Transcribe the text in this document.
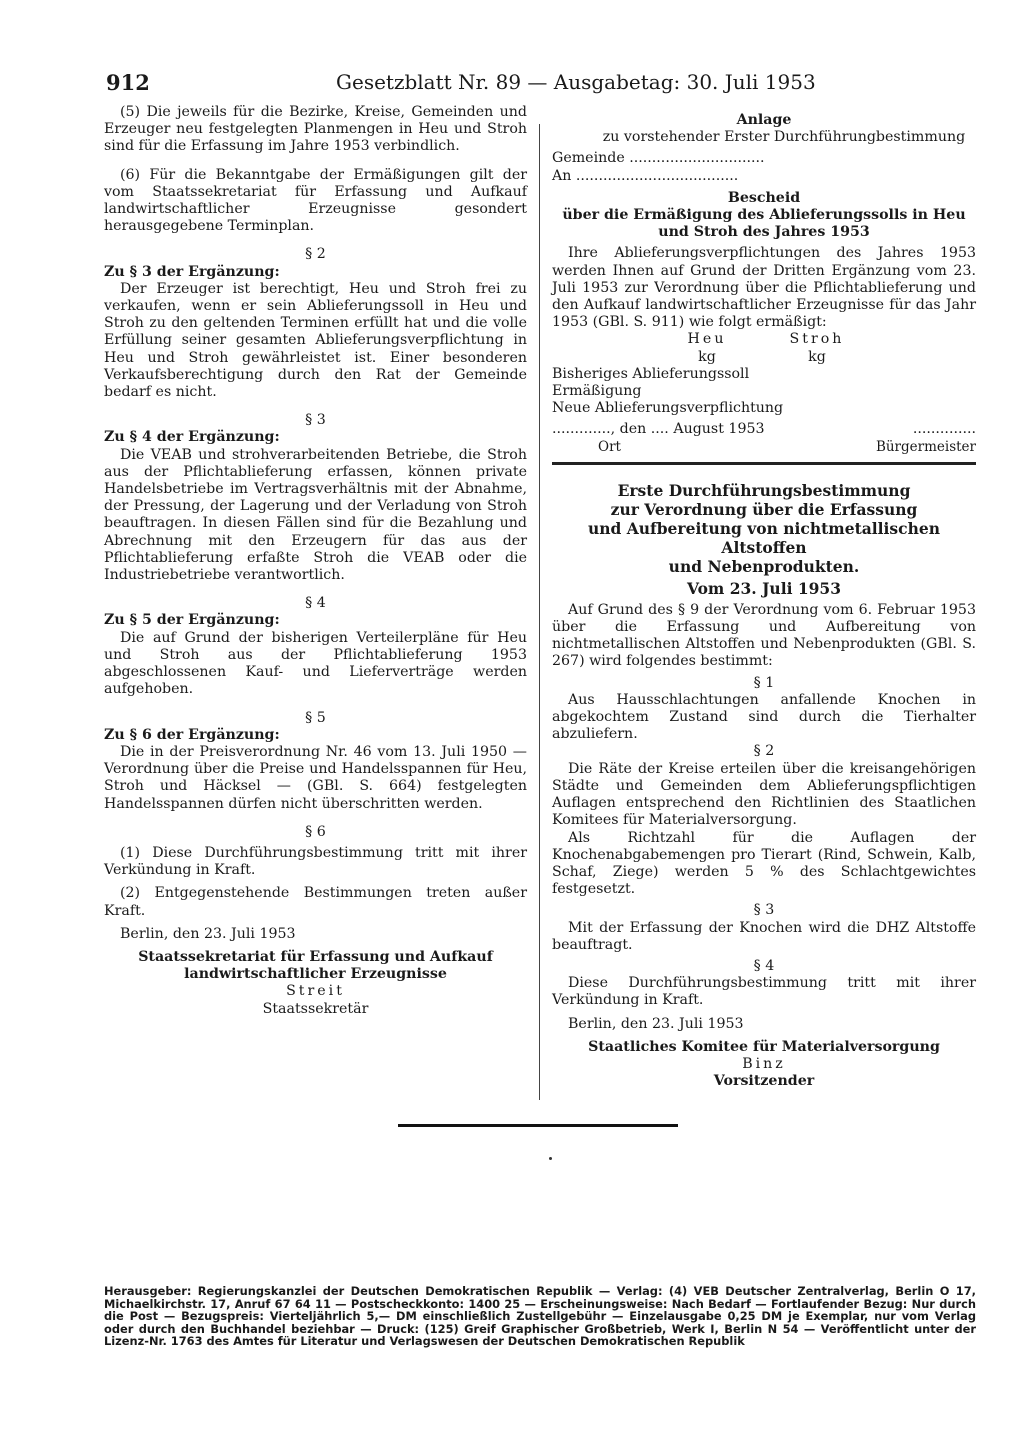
912	Gesetzblatt Nr. 89 — Ausgabetag: 30. Juli 1953

(5) Die jeweils für die Bezirke, Kreise, Gemeinden und Erzeuger neu festgelegten Planmengen in Heu und Stroh sind für die Erfassung im Jahre 1953 verbindlich.

(6) Für die Bekanntgabe der Ermäßigungen gilt der vom Staatssekretariat für Erfassung und Aufkauf landwirtschaftlicher Erzeugnisse gesondert herausgegebene Terminplan.

§ 2

Zu § 3 der Ergänzung:

Der Erzeuger ist berechtigt, Heu und Stroh frei zu verkaufen, wenn er sein Ablieferungssoll in Heu und Stroh zu den geltenden Terminen erfüllt hat und die volle Erfüllung seiner gesamten Ablieferungsverpflichtung in Heu und Stroh gewährleistet ist. Einer besonderen Verkaufsberechtigung durch den Rat der Gemeinde bedarf es nicht.

§ 3

Zu § 4 der Ergänzung:

Die VEAB und strohverarbeitenden Betriebe, die Stroh aus der Pflichtablieferung erfassen, können private Handelsbetriebe im Vertragsverhältnis mit der Abnahme, der Pressung, der Lagerung und der Verladung von Stroh beauftragen. In diesen Fällen sind für die Bezahlung und Abrechnung mit den Erzeugern für das aus der Pflichtablieferung erfaßte Stroh die VEAB oder die Industriebetriebe verantwortlich.

§ 4

Zu § 5 der Ergänzung:

Die auf Grund der bisherigen Verteilerpläne für Heu und Stroh aus der Pflichtablieferung 1953 abgeschlossenen Kauf- und Lieferverträge werden aufgehoben.

§ 5

Zu § 6 der Ergänzung:

Die in der Preisverordnung Nr. 46 vom 13. Juli 1950 — Verordnung über die Preise und Handelsspannen für Heu, Stroh und Häcksel — (GBl. S. 664) festgelegten Handelsspannen dürfen nicht überschritten werden.

§ 6

(1) Diese Durchführungsbestimmung tritt mit ihrer Verkündung in Kraft.

(2) Entgegenstehende Bestimmungen treten außer Kraft.

Berlin, den 23. Juli 1953

Staatssekretariat für Erfassung und Aufkauf

landwirtschaftlicher Erzeugnisse

Streit

Staatssekretär

Anlage

zu vorstehender Erster Durchführungbestimmung

Gemeinde ..............................

An ....................................

Bescheid

über die Ermäßigung des Ablieferungssolls in Heu

und Stroh des Jahres 1953

Ihre Ablieferungsverpflichtungen des Jahres 1953 werden Ihnen auf Grund der Dritten Ergänzung vom 23. Juli 1953 zur Verordnung über die Pflichtablieferung und den Aufkauf landwirtschaftlicher Erzeugnisse für das Jahr 1953 (GBl. S. 911) wie folgt ermäßigt:

Heu	Stroh
kg	kg

Bisheriges Ablieferungssoll

Ermäßigung

Neue Ablieferungsverpflichtung

............., den .... August 1953	..............
Ort	Bürgermeister

Erste Durchführungsbestimmung

zur Verordnung über die Erfassung

und Aufbereitung von nichtmetallischen Altstoffen

und Nebenprodukten.

Vom 23. Juli 1953

Auf Grund des § 9 der Verordnung vom 6. Februar 1953 über die Erfassung und Aufbereitung von nichtmetallischen Altstoffen und Nebenprodukten (GBl. S. 267) wird folgendes bestimmt:

§ 1

Aus Hausschlachtungen anfallende Knochen in abgekochtem Zustand sind durch die Tierhalter abzuliefern.

§ 2

Die Räte der Kreise erteilen über die kreisangehörigen Städte und Gemeinden dem Ablieferungspflichtigen Auflagen entsprechend den Richtlinien des Staatlichen Komitees für Materialversorgung.

Als Richtzahl für die Auflagen der Knochenabgabemengen pro Tierart (Rind, Schwein, Kalb, Schaf, Ziege) werden 5 % des Schlachtgewichtes festgesetzt.

§ 3

Mit der Erfassung der Knochen wird die DHZ Altstoffe beauftragt.

§ 4

Diese Durchführungsbestimmung tritt mit ihrer Verkündung in Kraft.

Berlin, den 23. Juli 1953

Staatliches Komitee für Materialversorgung

Binz

Vorsitzender

Herausgeber: Regierungskanzlei der Deutschen Demokratischen Republik — Verlag: (4) VEB Deutscher Zentralverlag, Berlin O 17, Michaelkirchstr. 17, Anruf 67 64 11 — Postscheckkonto: 1400 25 — Erscheinungsweise: Nach Bedarf — Fortlaufender Bezug: Nur durch die Post — Bezugspreis: Vierteljährlich 5,— DM einschließlich Zustellgebühr — Einzelausgabe 0,25 DM je Exemplar, nur vom Verlag oder durch den Buchhandel beziehbar — Druck: (125) Greif Graphischer Großbetrieb, Werk I, Berlin N 54 — Veröffentlicht unter der Lizenz-Nr. 1763 des Amtes für Literatur und Verlagswesen der Deutschen Demokratischen Republik
